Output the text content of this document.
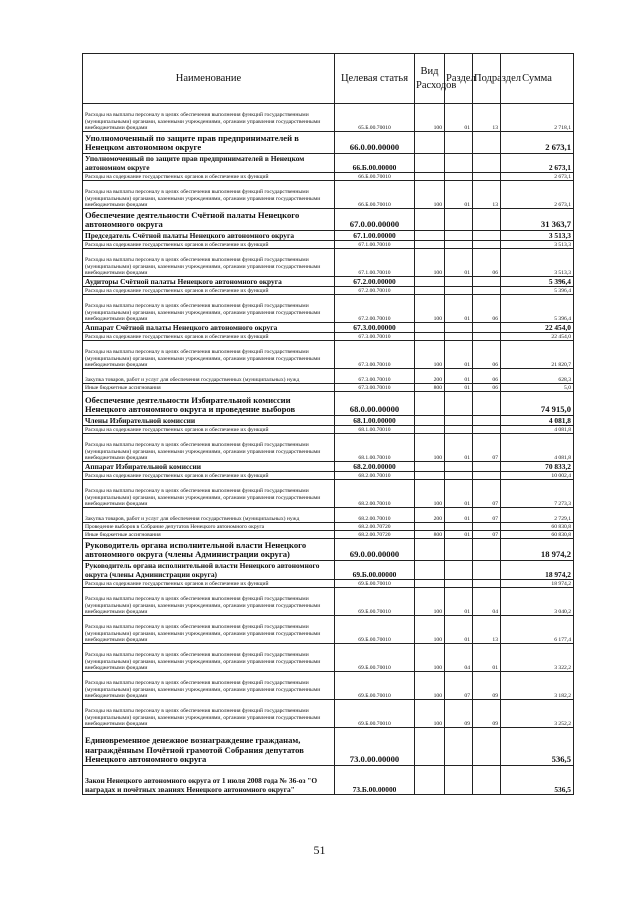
Наименование	Целевая статья	Вид Расходов	Раздел	Подраздел	Сумма
Расходы на выплаты персоналу в целях обеспечения выполнения функций государственными (муниципальными) органами, казенными учреждениями, органами управления государственными внебюджетными фондами	65.Б.00.70010	100	01	13	2 718,1
Уполномоченный по защите прав предпринимателей в Ненецком автономном округе	66.0.00.00000				2 673,1
Уполномоченный по защите прав предпринимателей в Ненецком автономном округе	66.Б.00.00000				2 673,1
Расходы на содержание государственных органов и обеспечение их функций	66.Б.00.70010				2 673,1
Расходы на выплаты персоналу в целях обеспечения выполнения функций государственными (муниципальными) органами, казенными учреждениями, органами управления государственными внебюджетными фондами	66.Б.00.70010	100	01	13	2 673,1
Обеспечение деятельности Счётной палаты Ненецкого автономного округа	67.0.00.00000				31 363,7
Председатель Счётной палаты Ненецкого автономного округа	67.1.00.00000				3 513,3
Расходы на содержание государственных органов и обеспечение их функций	67.1.00.70010				3 513,3
Расходы на выплаты персоналу в целях обеспечения выполнения функций государственными (муниципальными) органами, казенными учреждениями, органами управления государственными внебюджетными фондами	67.1.00.70010	100	01	06	3 513,3
Аудиторы Счётной палаты Ненецкого автономного округа	67.2.00.00000				5 396,4
Расходы на содержание государственных органов и обеспечение их функций	67.2.00.70010				5 396,4
Расходы на выплаты персоналу в целях обеспечения выполнения функций государственными (муниципальными) органами, казенными учреждениями, органами управления государственными внебюджетными фондами	67.2.00.70010	100	01	06	5 396,4
Аппарат Счётной палаты Ненецкого автономного округа	67.3.00.00000				22 454,0
Расходы на содержание государственных органов и обеспечение их функций	67.3.00.70010				22 454,0
Расходы на выплаты персоналу в целях обеспечения выполнения функций государственными (муниципальными) органами, казенными учреждениями, органами управления государственными внебюджетными фондами	67.3.00.70010	100	01	06	21 820,7
Закупка товаров, работ и услуг для обеспечения государственных (муниципальных) нужд	67.3.00.70010	200	01	06	628,3
Иные бюджетные ассигнования	67.3.00.70010	800	01	06	5,0
Обеспечение деятельности Избирательной комиссии Ненецкого автономного округа и проведение выборов	68.0.00.00000				74 915,0
Члены Избирательной комиссии	68.1.00.00000				4 081,8
Расходы на содержание государственных органов и обеспечение их функций	68.1.00.70010				4 081,8
Расходы на выплаты персоналу в целях обеспечения выполнения функций государственными (муниципальными) органами, казенными учреждениями, органами управления государственными внебюджетными фондами	68.1.00.70010	100	01	07	4 081,8
Аппарат Избирательной комиссии	68.2.00.00000				70 833,2
Расходы на содержание государственных органов и обеспечение их функций	68.2.00.70010				10 002,4
Расходы на выплаты персоналу в целях обеспечения выполнения функций государственными (муниципальными) органами, казенными учреждениями, органами управления государственными внебюджетными фондами	68.2.00.70010	100	01	07	7 273,3
Закупка товаров, работ и услуг для обеспечения государственных (муниципальных) нужд	68.2.00.70010	200	01	07	2 729,1
Проведение выборов в Собрание депутатов Ненецкого автономного округа	68.2.00.70720				60 830,8
Иные бюджетные ассигнования	68.2.00.70720	800	01	07	60 830,8
Руководитель органа исполнительной власти Ненецкого автономного округа (члены Администрации округа)	69.0.00.00000				18 974,2
Руководитель органа исполнительной власти Ненецкого автономного округа (члены Администрации округа)	69.Б.00.00000				18 974,2
Расходы на содержание государственных органов и обеспечение их функций	69.Б.00.70010				18 974,2
Расходы на выплаты персоналу в целях обеспечения выполнения функций государственными (муниципальными) органами, казенными учреждениями, органами управления государственными внебюджетными фондами	69.Б.00.70010	100	01	04	3 040,2
Расходы на выплаты персоналу в целях обеспечения выполнения функций государственными (муниципальными) органами, казенными учреждениями, органами управления государственными внебюджетными фондами	69.Б.00.70010	100	01	13	6 177,4
Расходы на выплаты персоналу в целях обеспечения выполнения функций государственными (муниципальными) органами, казенными учреждениями, органами управления государственными внебюджетными фондами	69.Б.00.70010	100	04	01	3 322,2
Расходы на выплаты персоналу в целях обеспечения выполнения функций государственными (муниципальными) органами, казенными учреждениями, органами управления государственными внебюджетными фондами	69.Б.00.70010	100	07	09	3 182,2
Расходы на выплаты персоналу в целях обеспечения выполнения функций государственными (муниципальными) органами, казенными учреждениями, органами управления государственными внебюджетными фондами	69.Б.00.70010	100	09	09	3 252,2
Единовременное денежное вознаграждение гражданам, награждённым Почётной грамотой Собрания депутатов Ненецкого автономного округа	73.0.00.00000				536,5
Закон Ненецкого автономного округа от 1 июля 2008 года № 36-оз "О наградах и почётных званиях Ненецкого автономного округа"	73.Б.00.00000				536,5
51
